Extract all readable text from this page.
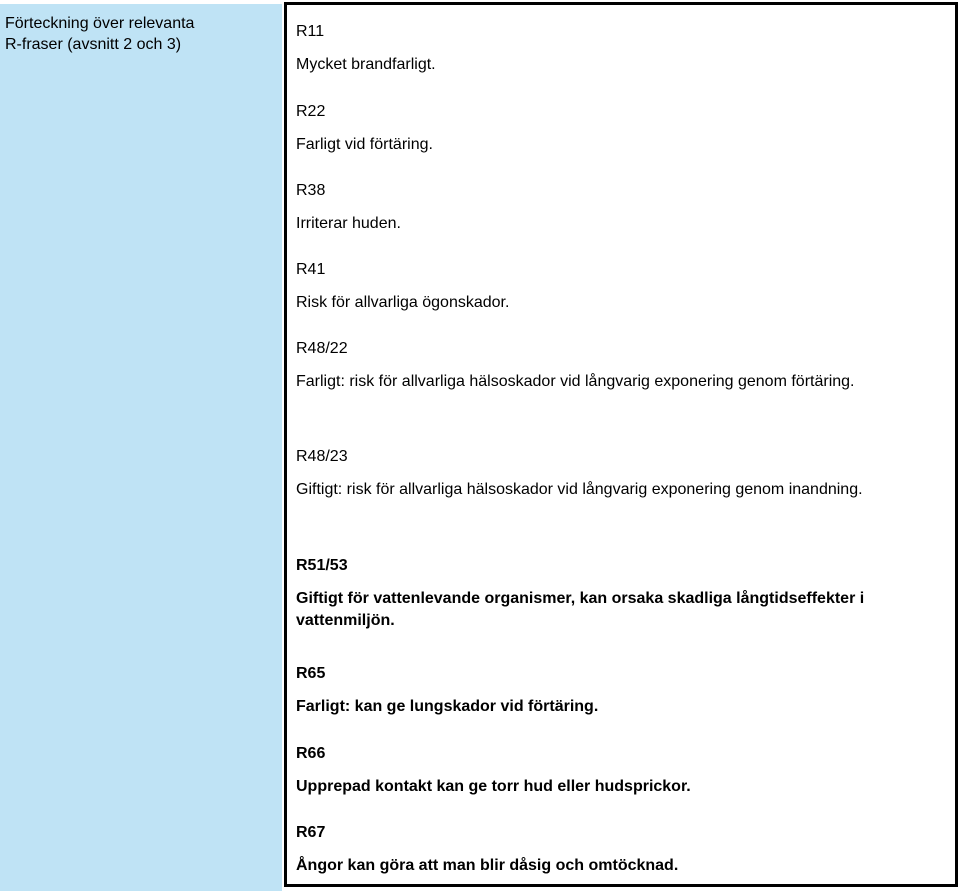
Förteckning över relevanta
R-fraser (avsnitt 2 och 3)
R11
Mycket brandfarligt.
R22
Farligt vid förtäring.
R38
Irriterar huden.
R41
Risk för allvarliga ögonskador.
R48/22
Farligt: risk för allvarliga hälsoskador vid långvarig exponering genom förtäring.
R48/23
Giftigt: risk för allvarliga hälsoskador vid långvarig exponering genom inandning.
R51/53
Giftigt för vattenlevande organismer, kan orsaka skadliga långtidseffekter i vattenmiljön.
R65
Farligt: kan ge lungskador vid förtäring.
R66
Upprepad kontakt kan ge torr hud eller hudsprickor.
R67
Ångor kan göra att man blir dåsig och omtöcknad.
